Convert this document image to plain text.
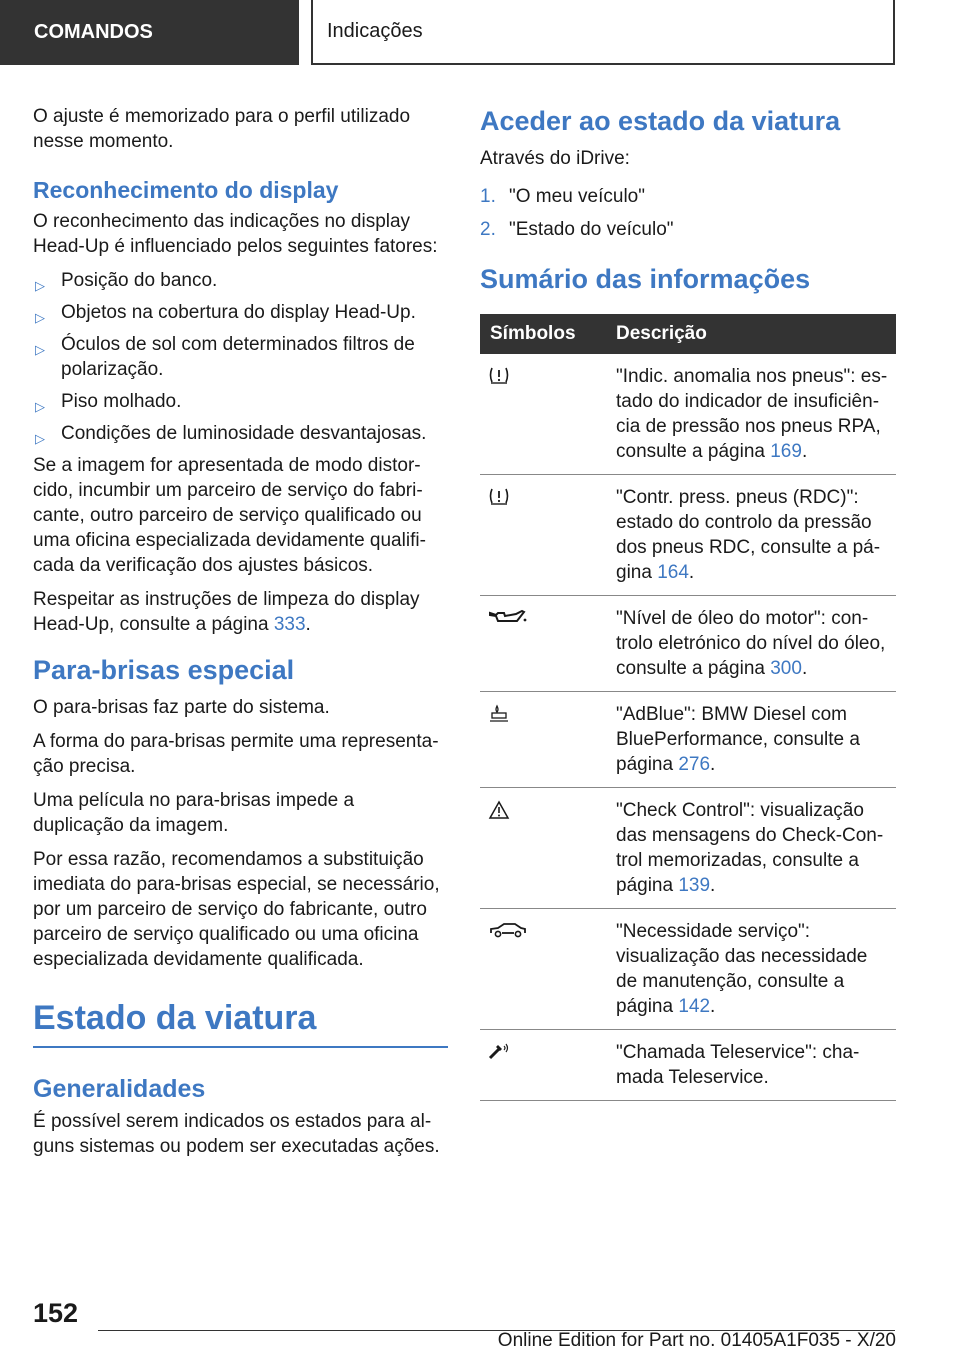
COMANDOS	Indicações

O ajuste é memorizado para o perfil utilizado nesse momento.

Reconhecimento do display

O reconhecimento das indicações no display Head-Up é influenciado pelos seguintes fatores:

▷ Posição do banco.
▷ Objetos na cobertura do display Head-Up.
▷ Óculos de sol com determinados filtros de polarização.
▷ Piso molhado.
▷ Condições de luminosidade desvantajosas.

Se a imagem for apresentada de modo distorcido, incumbir um parceiro de serviço do fabricante, outro parceiro de serviço qualificado ou uma oficina especializada devidamente qualificada da verificação dos ajustes básicos.

Respeitar as instruções de limpeza do display Head-Up, consulte a página 333.

Para-brisas especial

O para-brisas faz parte do sistema.

A forma do para-brisas permite uma representação precisa.

Uma película no para-brisas impede a duplicação da imagem.

Por essa razão, recomendamos a substituição imediata do para-brisas especial, se necessário, por um parceiro de serviço do fabricante, outro parceiro de serviço qualificado ou uma oficina especializada devidamente qualificada.

Estado da viatura
Generalidades

É possível serem indicados os estados para alguns sistemas ou podem ser executadas ações.

Aceder ao estado da viatura

Através do iDrive:

1. "O meu veículo"
2. "Estado do veículo"
Sumário das informações
Símbolos	Descrição
	"Indic. anomalia nos pneus": estado do indicador de insuficiência de pressão nos pneus RPA, consulte a página 169.
	"Contr. press. pneus (RDC)": estado do controlo da pressão dos pneus RDC, consulte a página 164.
	"Nível de óleo do motor": controlo eletrónico do nível do óleo, consulte a página 300.
	"AdBlue": BMW Diesel com BluePerformance, consulte a página 276.
	"Check Control": visualização das mensagens do Check-Control memorizadas, consulte a página 139.
	"Necessidade serviço": visualização das necessidade de manutenção, consulte a página 142.
	"Chamada Teleservice": chamada Teleservice.
152
Online Edition for Part no. 01405A1F035 - X/20
